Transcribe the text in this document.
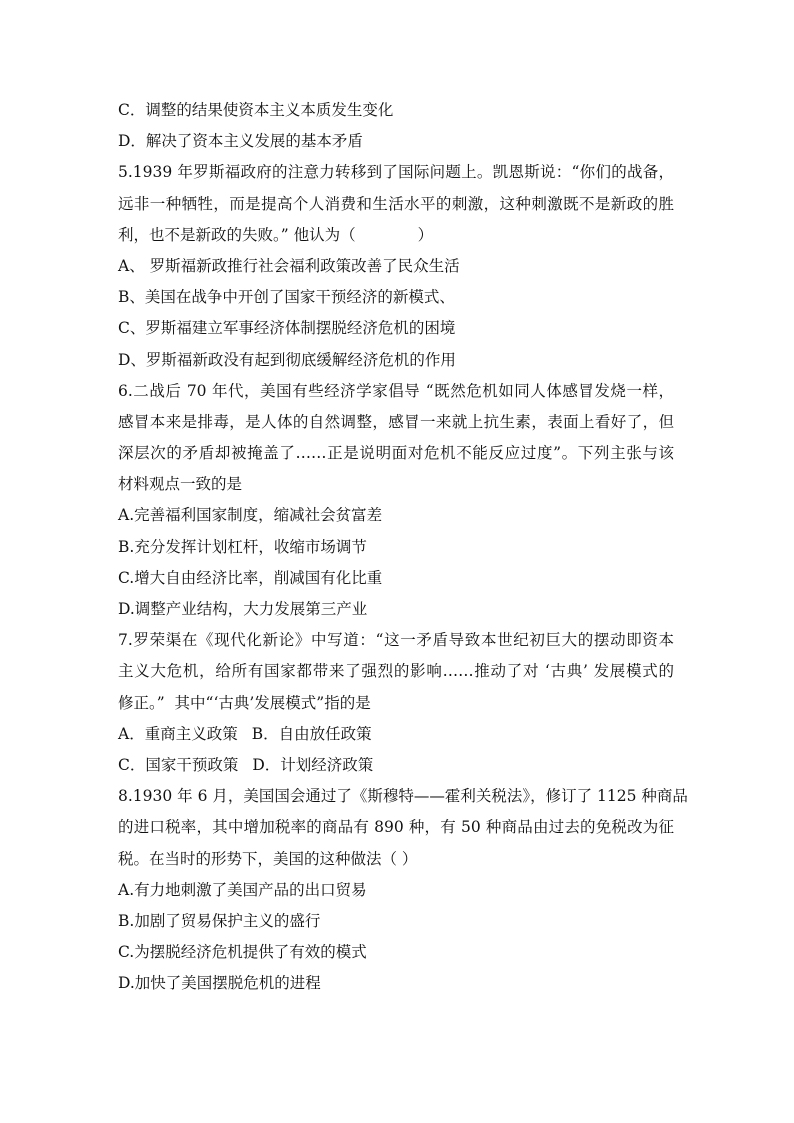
C．调整的结果使资本主义本质发生变化
D．解决了资本主义发展的基本矛盾
5.1939 年罗斯福政府的注意力转移到了国际问题上。凯恩斯说：“你们的战备，
远非一种牺牲，而是提高个人消费和生活水平的刺激，这种刺激既不是新政的胜
利，也不是新政的失败。” 他认为（　　　　）
A、 罗斯福新政推行社会福利政策改善了民众生活
B、美国在战争中开创了国家干预经济的新模式、
C、罗斯福建立军事经济体制摆脱经济危机的困境
D、罗斯福新政没有起到彻底缓解经济危机的作用
6.二战后 70 年代，美国有些经济学家倡导 “既然危机如同人体感冒发烧一样，
感冒本来是排毒，是人体的自然调整，感冒一来就上抗生素，表面上看好了，但
深层次的矛盾却被掩盖了……正是说明面对危机不能反应过度”。下列主张与该
材料观点一致的是
A.完善福利国家制度，缩减社会贫富差
B.充分发挥计划杠杆，收缩市场调节
C.增大自由经济比率，削减国有化比重
D.调整产业结构，大力发展第三产业
7.罗荣渠在《现代化新论》中写道：“这一矛盾导致本世纪初巨大的摆动即资本
主义大危机，给所有国家都带来了强烈的影响……推动了对 ‘古典’ 发展模式的
修正。”  其中“‘古典’发展模式”指的是
A．重商主义政策 B．自由放任政策
C．国家干预政策 D．计划经济政策
8.1930 年 6 月，美国国会通过了《斯穆特——霍利关税法》，修订了 1125 种商品
的进口税率，其中增加税率的商品有 890 种，有 50 种商品由过去的免税改为征
税。在当时的形势下，美国的这种做法（ ）
A.有力地刺激了美国产品的出口贸易
B.加剧了贸易保护主义的盛行
C.为摆脱经济危机提供了有效的模式
D.加快了美国摆脱危机的进程
